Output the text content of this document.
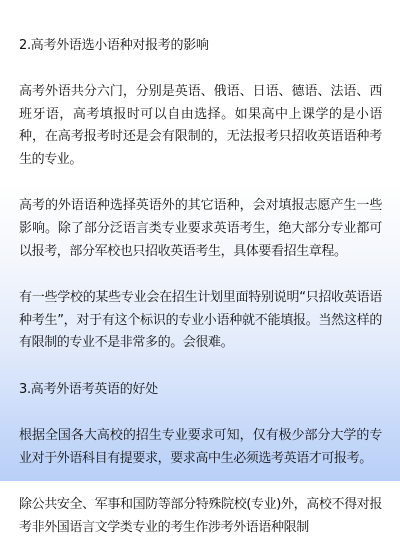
2.高考外语选小语种对报考的影响

高考外语共分六门，分别是英语、俄语、日语、德语、法语、西班牙语，高考填报时可以自由选择。如果高中上课学的是小语种，在高考报考时还是会有限制的，无法报考只招收英语语种考生的专业。

高考的外语语种选择英语外的其它语种，会对填报志愿产生一些影响。除了部分泛语言类专业要求英语考生，绝大部分专业都可以报考，部分军校也只招收英语考生，具体要看招生章程。

有一些学校的某些专业会在招生计划里面特别说明“只招收英语语种考生”，对于有这个标识的专业小语种就不能填报。当然这样的有限制的专业不是非常多的。会很难。

3.高考外语考英语的好处

根据全国各大高校的招生专业要求可知，仅有极少部分大学的专业对于外语科目有提要求，要求高中生必须选考英语才可报考。

除公共安全、军事和国防等部分特殊院校(专业)外，高校不得对报考非外国语言文学类专业的考生作涉考外语语种限制
